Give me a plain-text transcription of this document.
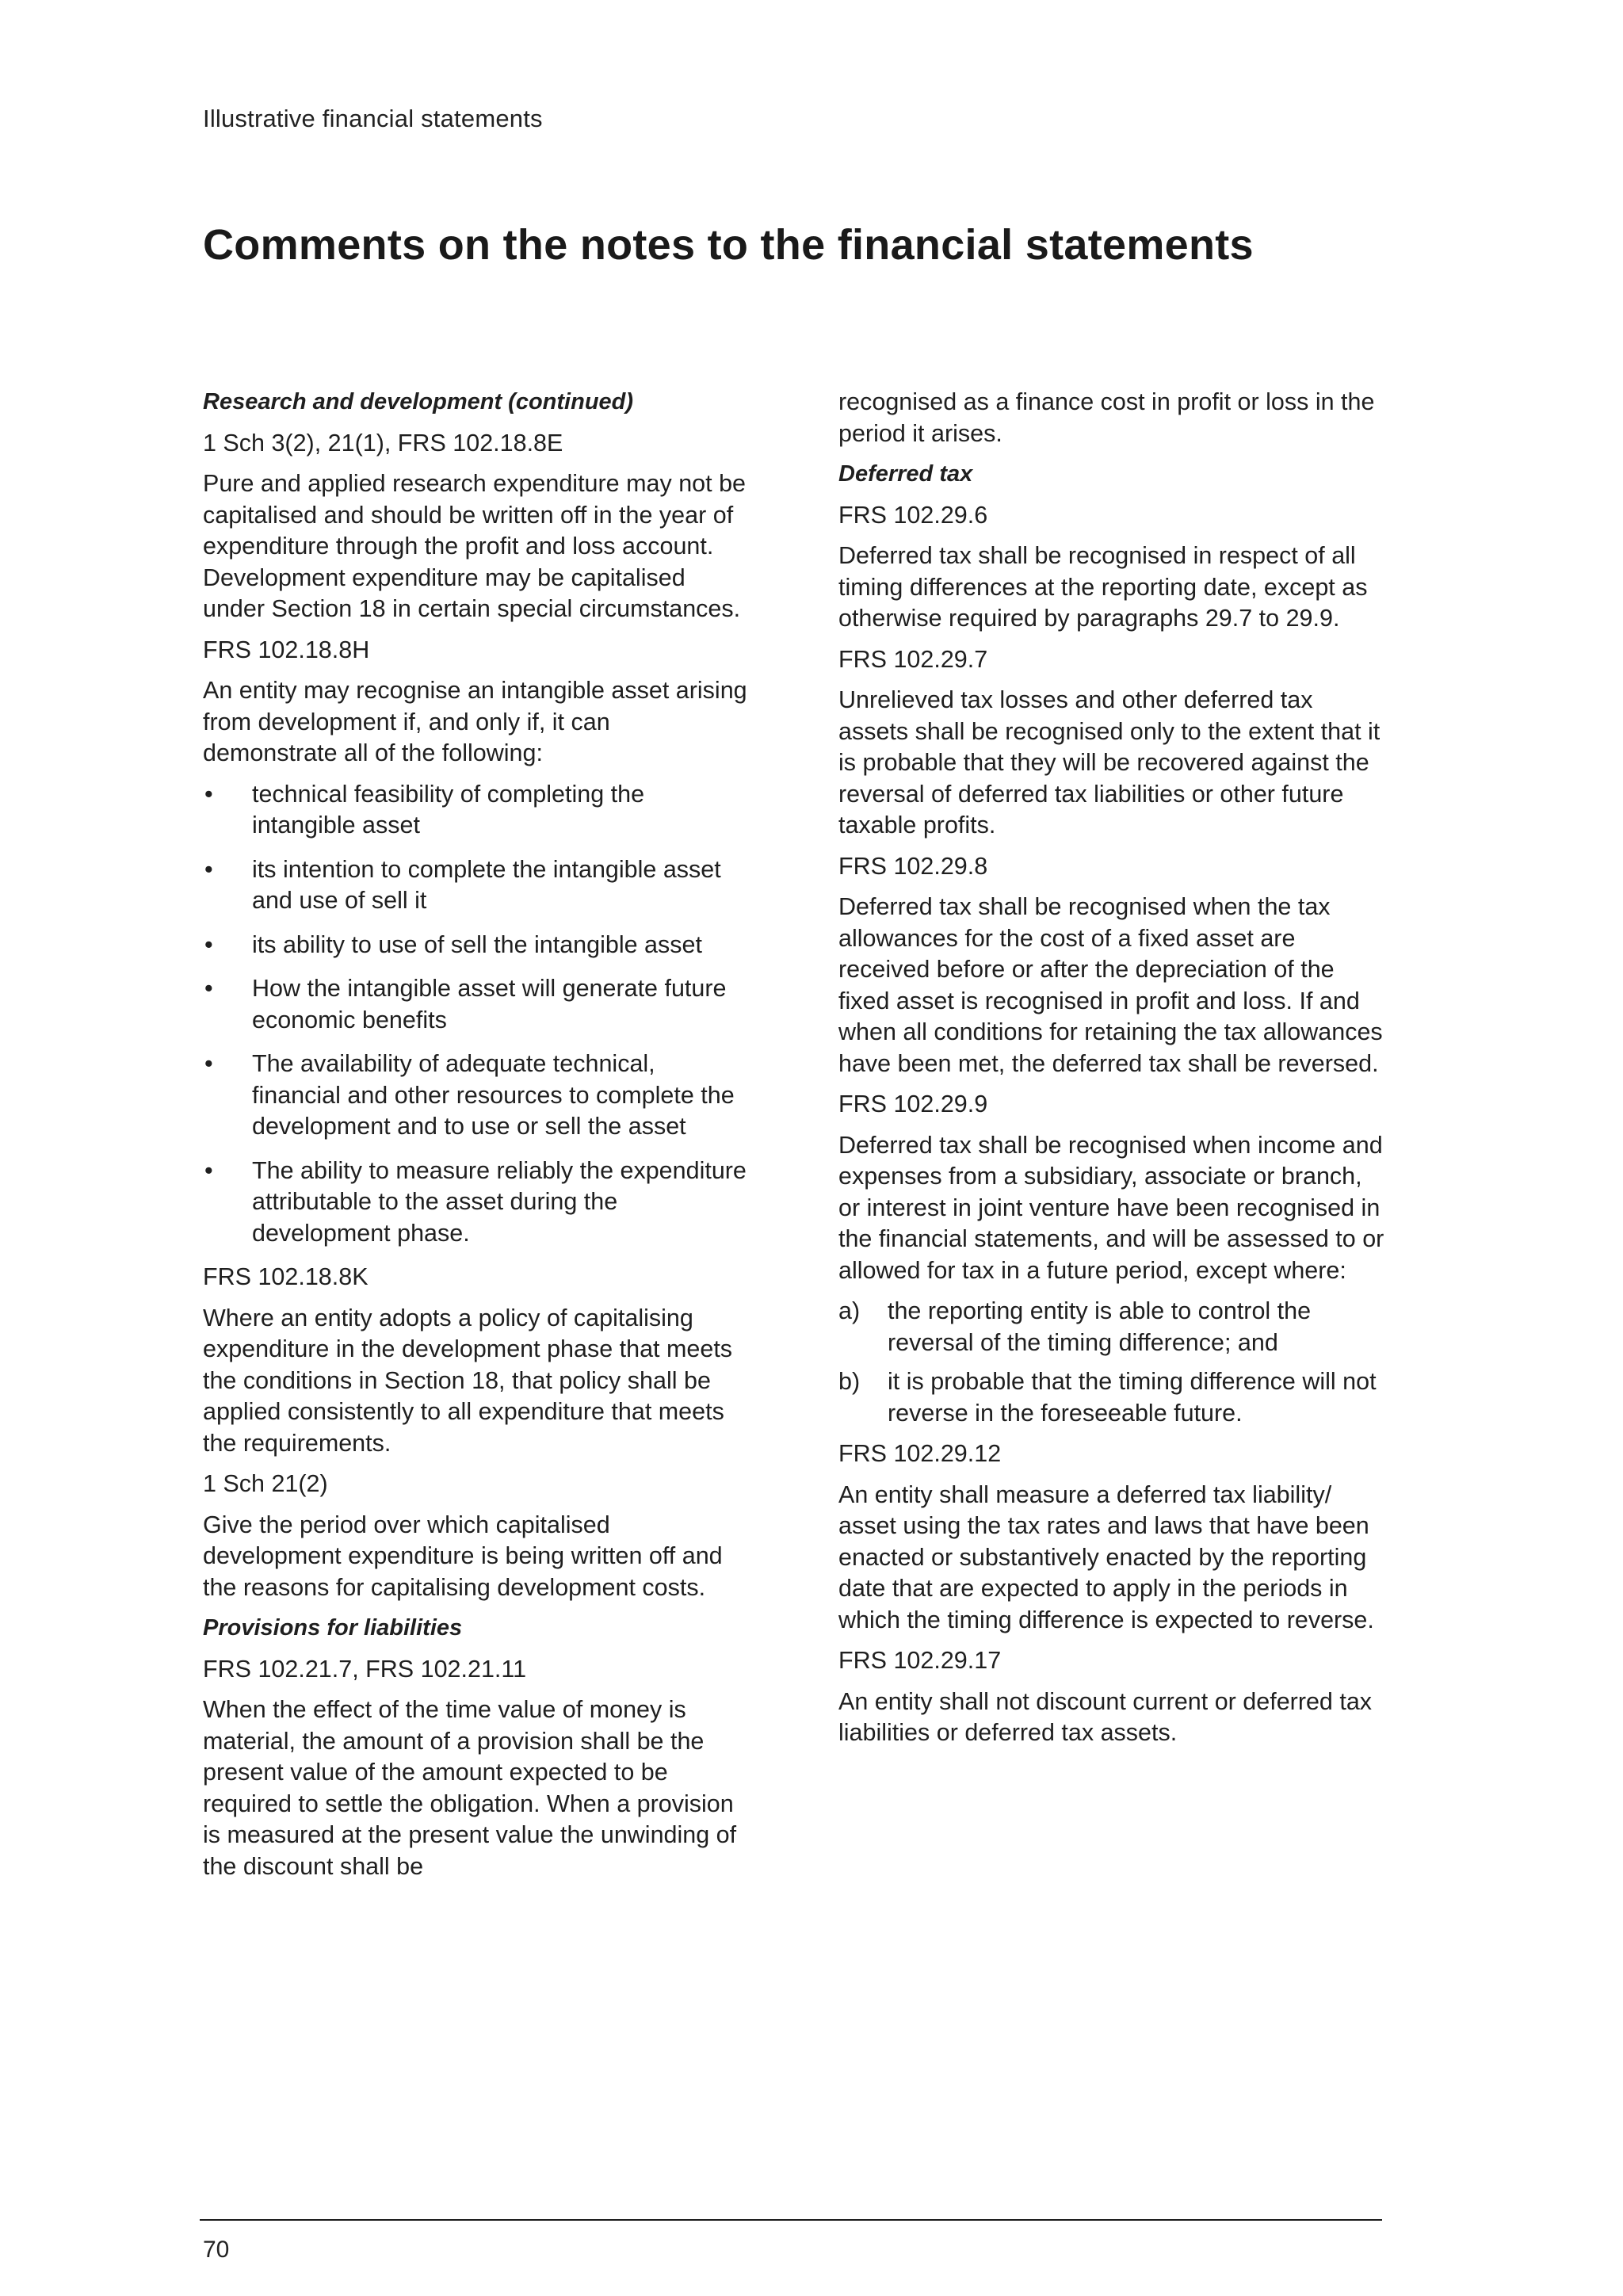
Illustrative financial statements
Comments on the notes to the financial statements
Research and development (continued)
1 Sch 3(2), 21(1), FRS 102.18.8E
Pure and applied research expenditure may not be capitalised and should be written off in the year of expenditure through the profit and loss account. Development expenditure may be capitalised under Section 18 in certain special circumstances.
FRS 102.18.8H
An entity may recognise an intangible asset arising from development if, and only if, it can demonstrate all of the following:
• technical feasibility of completing the intangible asset
• its intention to complete the intangible asset and use of sell it
• its ability to use of sell the intangible asset
• How the intangible asset will generate future economic benefits
• The availability of adequate technical, financial and other resources to complete the development and to use or sell the asset
• The ability to measure reliably the expenditure attributable to the asset during the development phase.
FRS 102.18.8K
Where an entity adopts a policy of capitalising expenditure in the development phase that meets the conditions in Section 18, that policy shall be applied consistently to all expenditure that meets the requirements.
1 Sch 21(2)
Give the period over which capitalised development expenditure is being written off and the reasons for capitalising development costs.
Provisions for liabilities
FRS 102.21.7, FRS 102.21.11
When the effect of the time value of money is material, the amount of a provision shall be the present value of the amount expected to be required to settle the obligation. When a provision is measured at the present value the unwinding of the discount shall be
recognised as a finance cost in profit or loss in the period it arises.
Deferred tax
FRS 102.29.6
Deferred tax shall be recognised in respect of all timing differences at the reporting date, except as otherwise required by paragraphs 29.7 to 29.9.
FRS 102.29.7
Unrelieved tax losses and other deferred tax assets shall be recognised only to the extent that it is probable that they will be recovered against the reversal of deferred tax liabilities or other future taxable profits.
FRS 102.29.8
Deferred tax shall be recognised when the tax allowances for the cost of a fixed asset are received before or after the depreciation of the fixed asset is recognised in profit and loss. If and when all conditions for retaining the tax allowances have been met, the deferred tax shall be reversed.
FRS 102.29.9
Deferred tax shall be recognised when income and expenses from a subsidiary, associate or branch, or interest in joint venture have been recognised in the financial statements, and will be assessed to or allowed for tax in a future period, except where:
a) the reporting entity is able to control the reversal of the timing difference; and
b) it is probable that the timing difference will not reverse in the foreseeable future.
FRS 102.29.12
An entity shall measure a deferred tax liability/ asset using the tax rates and laws that have been enacted or substantively enacted by the reporting date that are expected to apply in the periods in which the timing difference is expected to reverse.
FRS 102.29.17
An entity shall not discount current or deferred tax liabilities or deferred tax assets.
70
